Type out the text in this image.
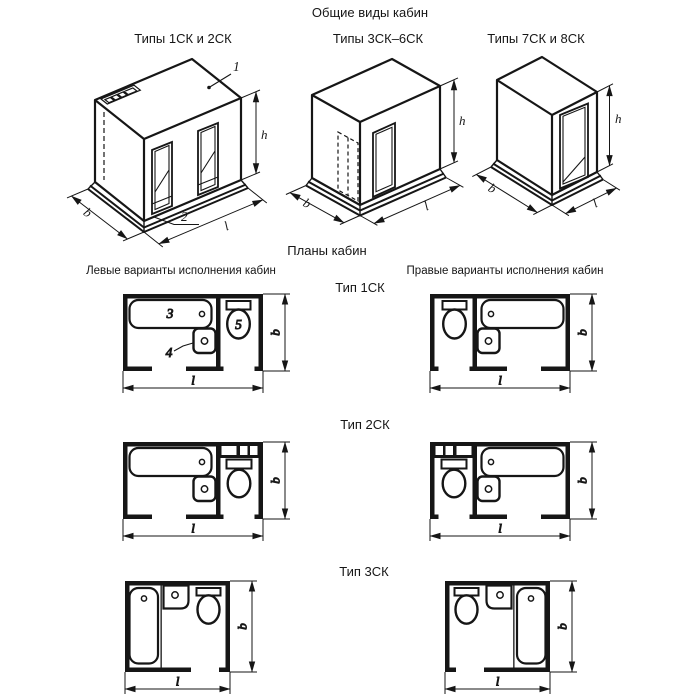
Общие виды кабин
Типы 1СК и 2СК	Типы 3СК–6СК	Типы 7СК и 8СК
Планы кабин
Левые варианты исполнения кабин	Правые варианты исполнения кабин
Тип 1СК
Тип 2СК
Тип 3СК
h
b
l
1
2
h
b	l
h
b
l
b
l
3
4
5
b
l
b
l
b
l
b
l
b
l
